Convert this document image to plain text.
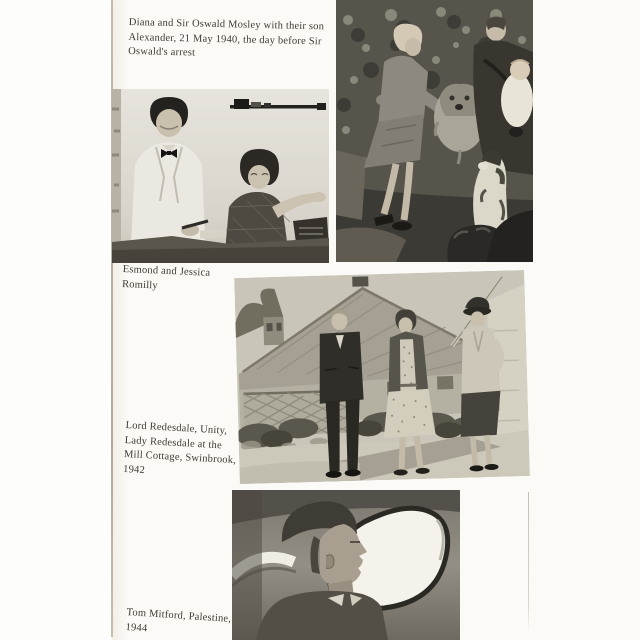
Diana and Sir Oswald Mosley with their son
Alexander, 21 May 1940, the day before Sir
Oswald's arrest
Esmond and Jessica
Romilly
Lord Redesdale, Unity,
Lady Redesdale at the
Mill Cottage, Swinbrook,
1942
Tom Mitford, Palestine,
1944
